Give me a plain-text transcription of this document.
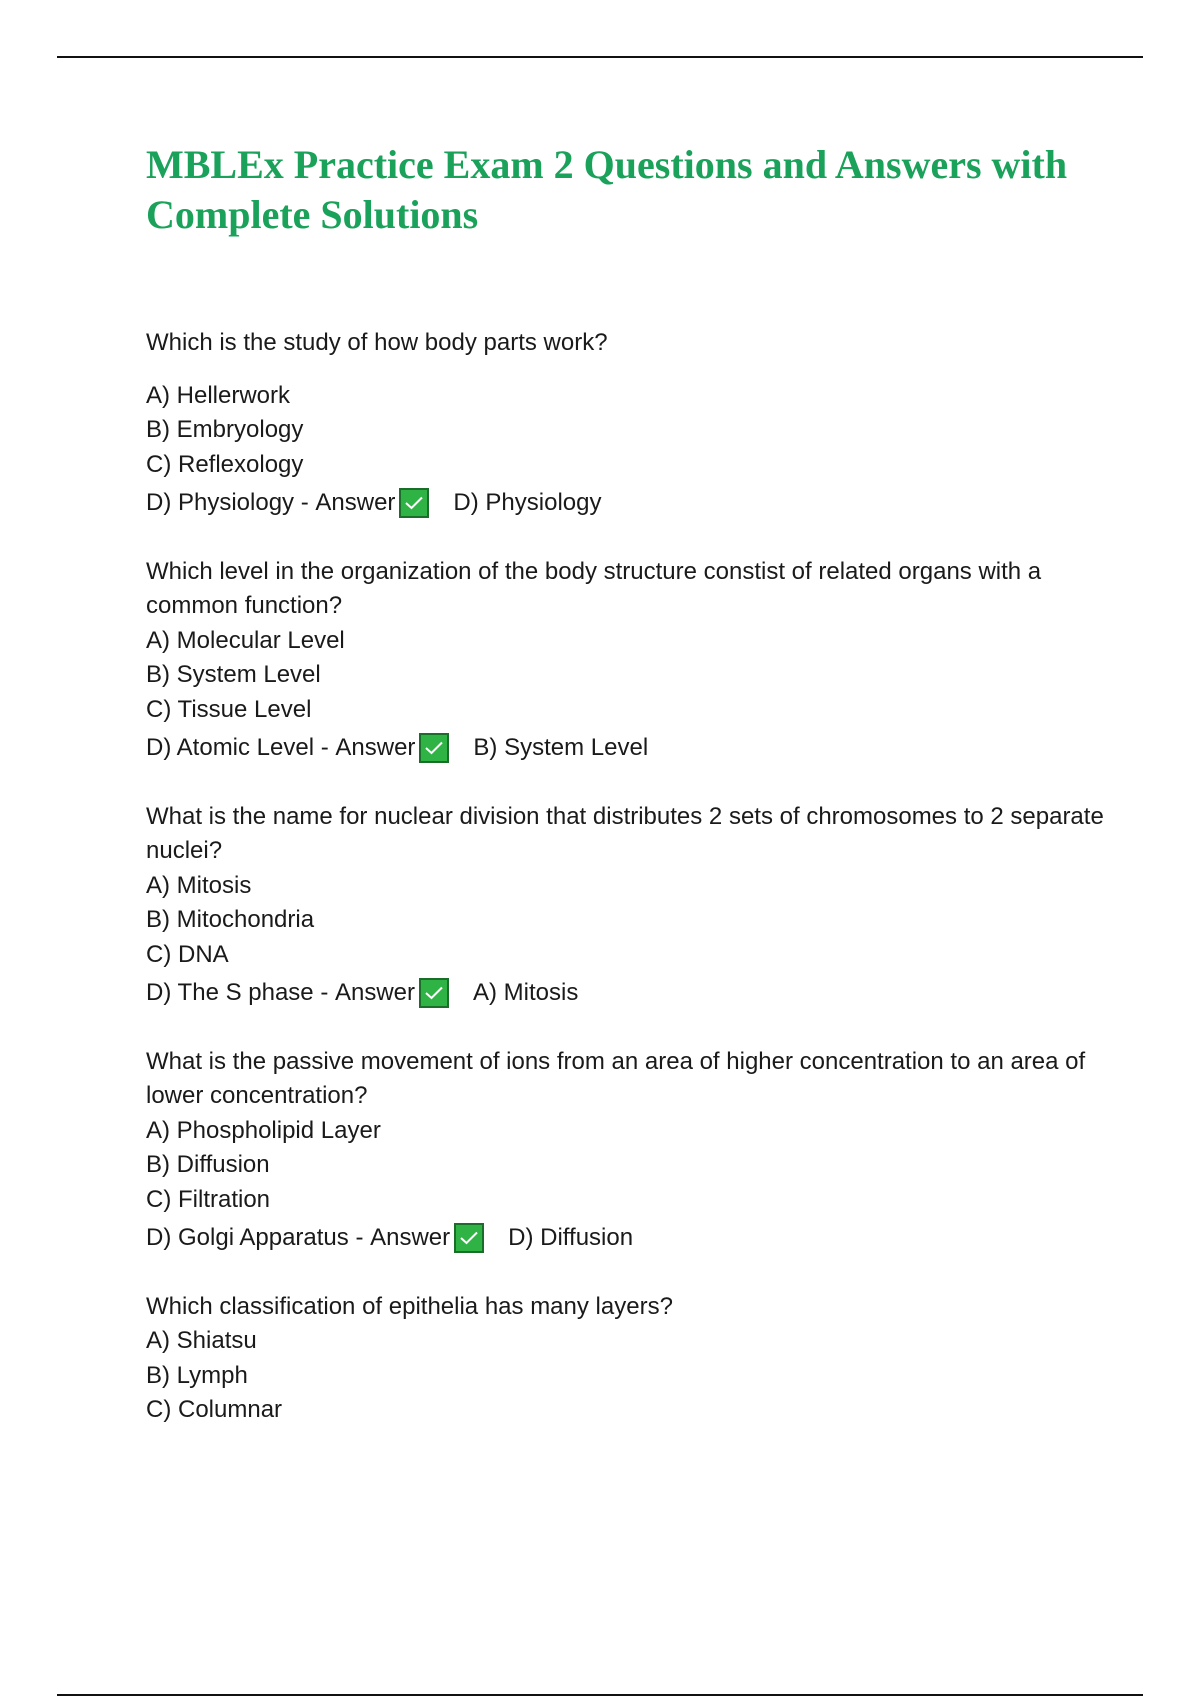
MBLEx Practice Exam 2 Questions and Answers with Complete Solutions

Which is the study of how body parts work?

A) Hellerwork

B) Embryology

C) Reflexology

D) Physiology -
Answer D) Physiology

Which level in the organization of the body structure constist of related organs with a common function?

A) Molecular Level

B) System Level

C) Tissue Level

D) Atomic Level -
Answer B) System Level

What is the name for nuclear division that distributes 2 sets of chromosomes to 2 separate nuclei?

A) Mitosis

B) Mitochondria

C) DNA

D) The S phase -
Answer A) Mitosis

What is the passive movement of ions from an area of higher concentration to an area of lower concentration?

A) Phospholipid Layer

B) Diffusion

C) Filtration

D) Golgi Apparatus -
Answer D) Diffusion

Which classification of epithelia has many layers?

A) Shiatsu

B) Lymph

C) Columnar
